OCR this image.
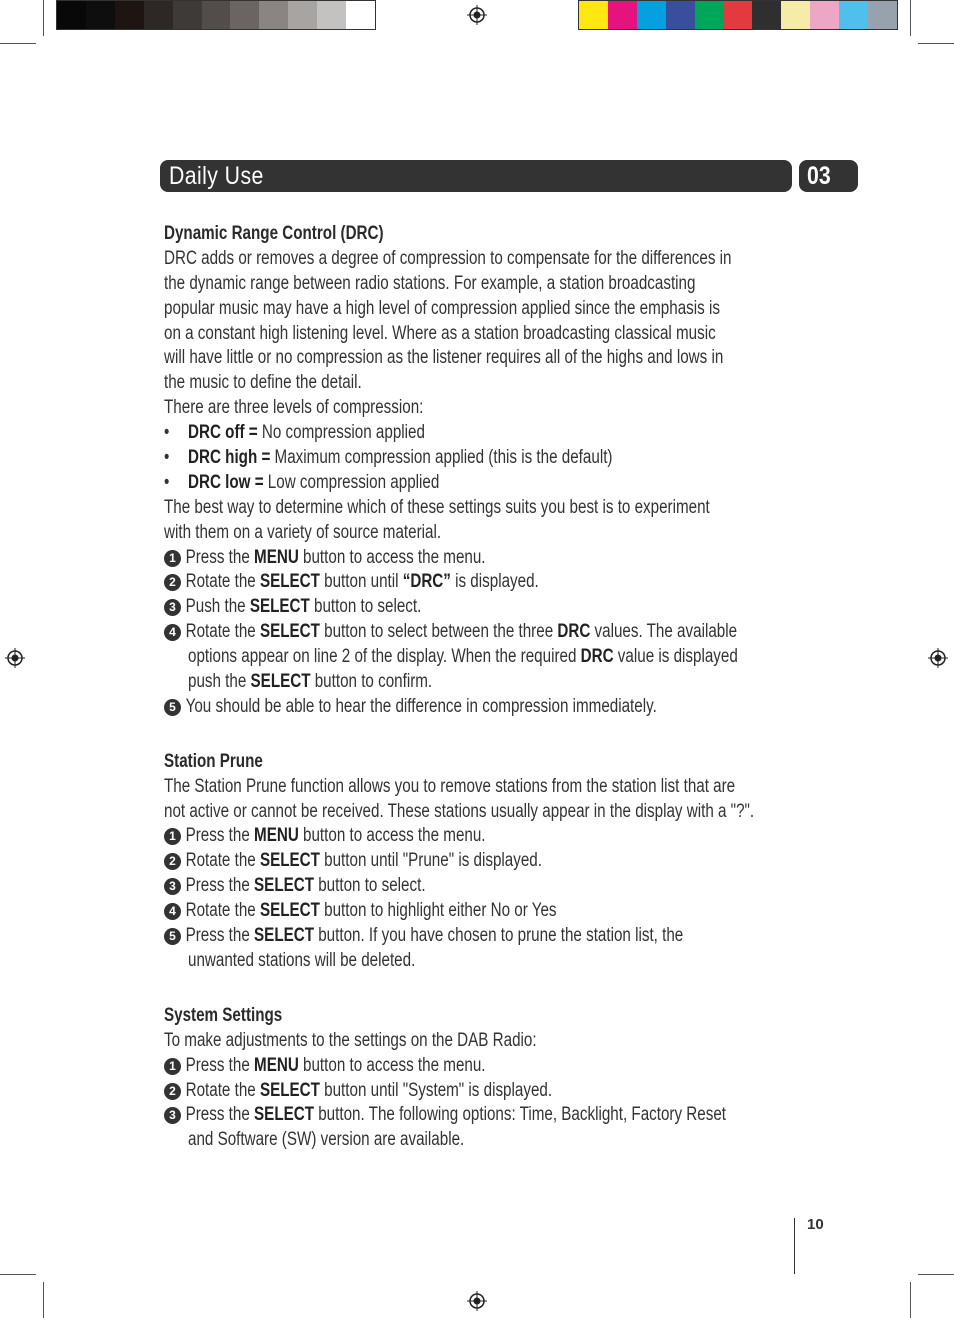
Daily Use	03
Dynamic Range Control (DRC)
DRC adds or removes a degree of compression to compensate for the differences in
the dynamic range between radio stations. For example, a station broadcasting
popular music may have a high level of compression applied since the emphasis is
on a constant high listening level. Where as a station broadcasting classical music
will have little or no compression as the listener requires all of the highs and lows in
the music to define the detail.
There are three levels of compression:
• DRC off = No compression applied
• DRC high = Maximum compression applied (this is the default)
• DRC low = Low compression applied
The best way to determine which of these settings suits you best is to experiment
with them on a variety of source material.
1 Press the MENU button to access the menu.
2 Rotate the SELECT button until “DRC” is displayed.
3 Push the SELECT button to select.
4 Rotate the SELECT button to select between the three DRC values. The available
options appear on line 2 of the display. When the required DRC value is displayed
push the SELECT button to confirm.
5 You should be able to hear the difference in compression immediately.
Station Prune
The Station Prune function allows you to remove stations from the station list that are
not active or cannot be received. These stations usually appear in the display with a "?".
1 Press the MENU button to access the menu.
2 Rotate the SELECT button until "Prune" is displayed.
3 Press the SELECT button to select.
4 Rotate the SELECT button to highlight either No or Yes
5 Press the SELECT button. If you have chosen to prune the station list, the
unwanted stations will be deleted.
System Settings
To make adjustments to the settings on the DAB Radio:
1 Press the MENU button to access the menu.
2 Rotate the SELECT button until "System" is displayed.
3 Press the SELECT button. The following options: Time, Backlight, Factory Reset
and Software (SW) version are available.
10
